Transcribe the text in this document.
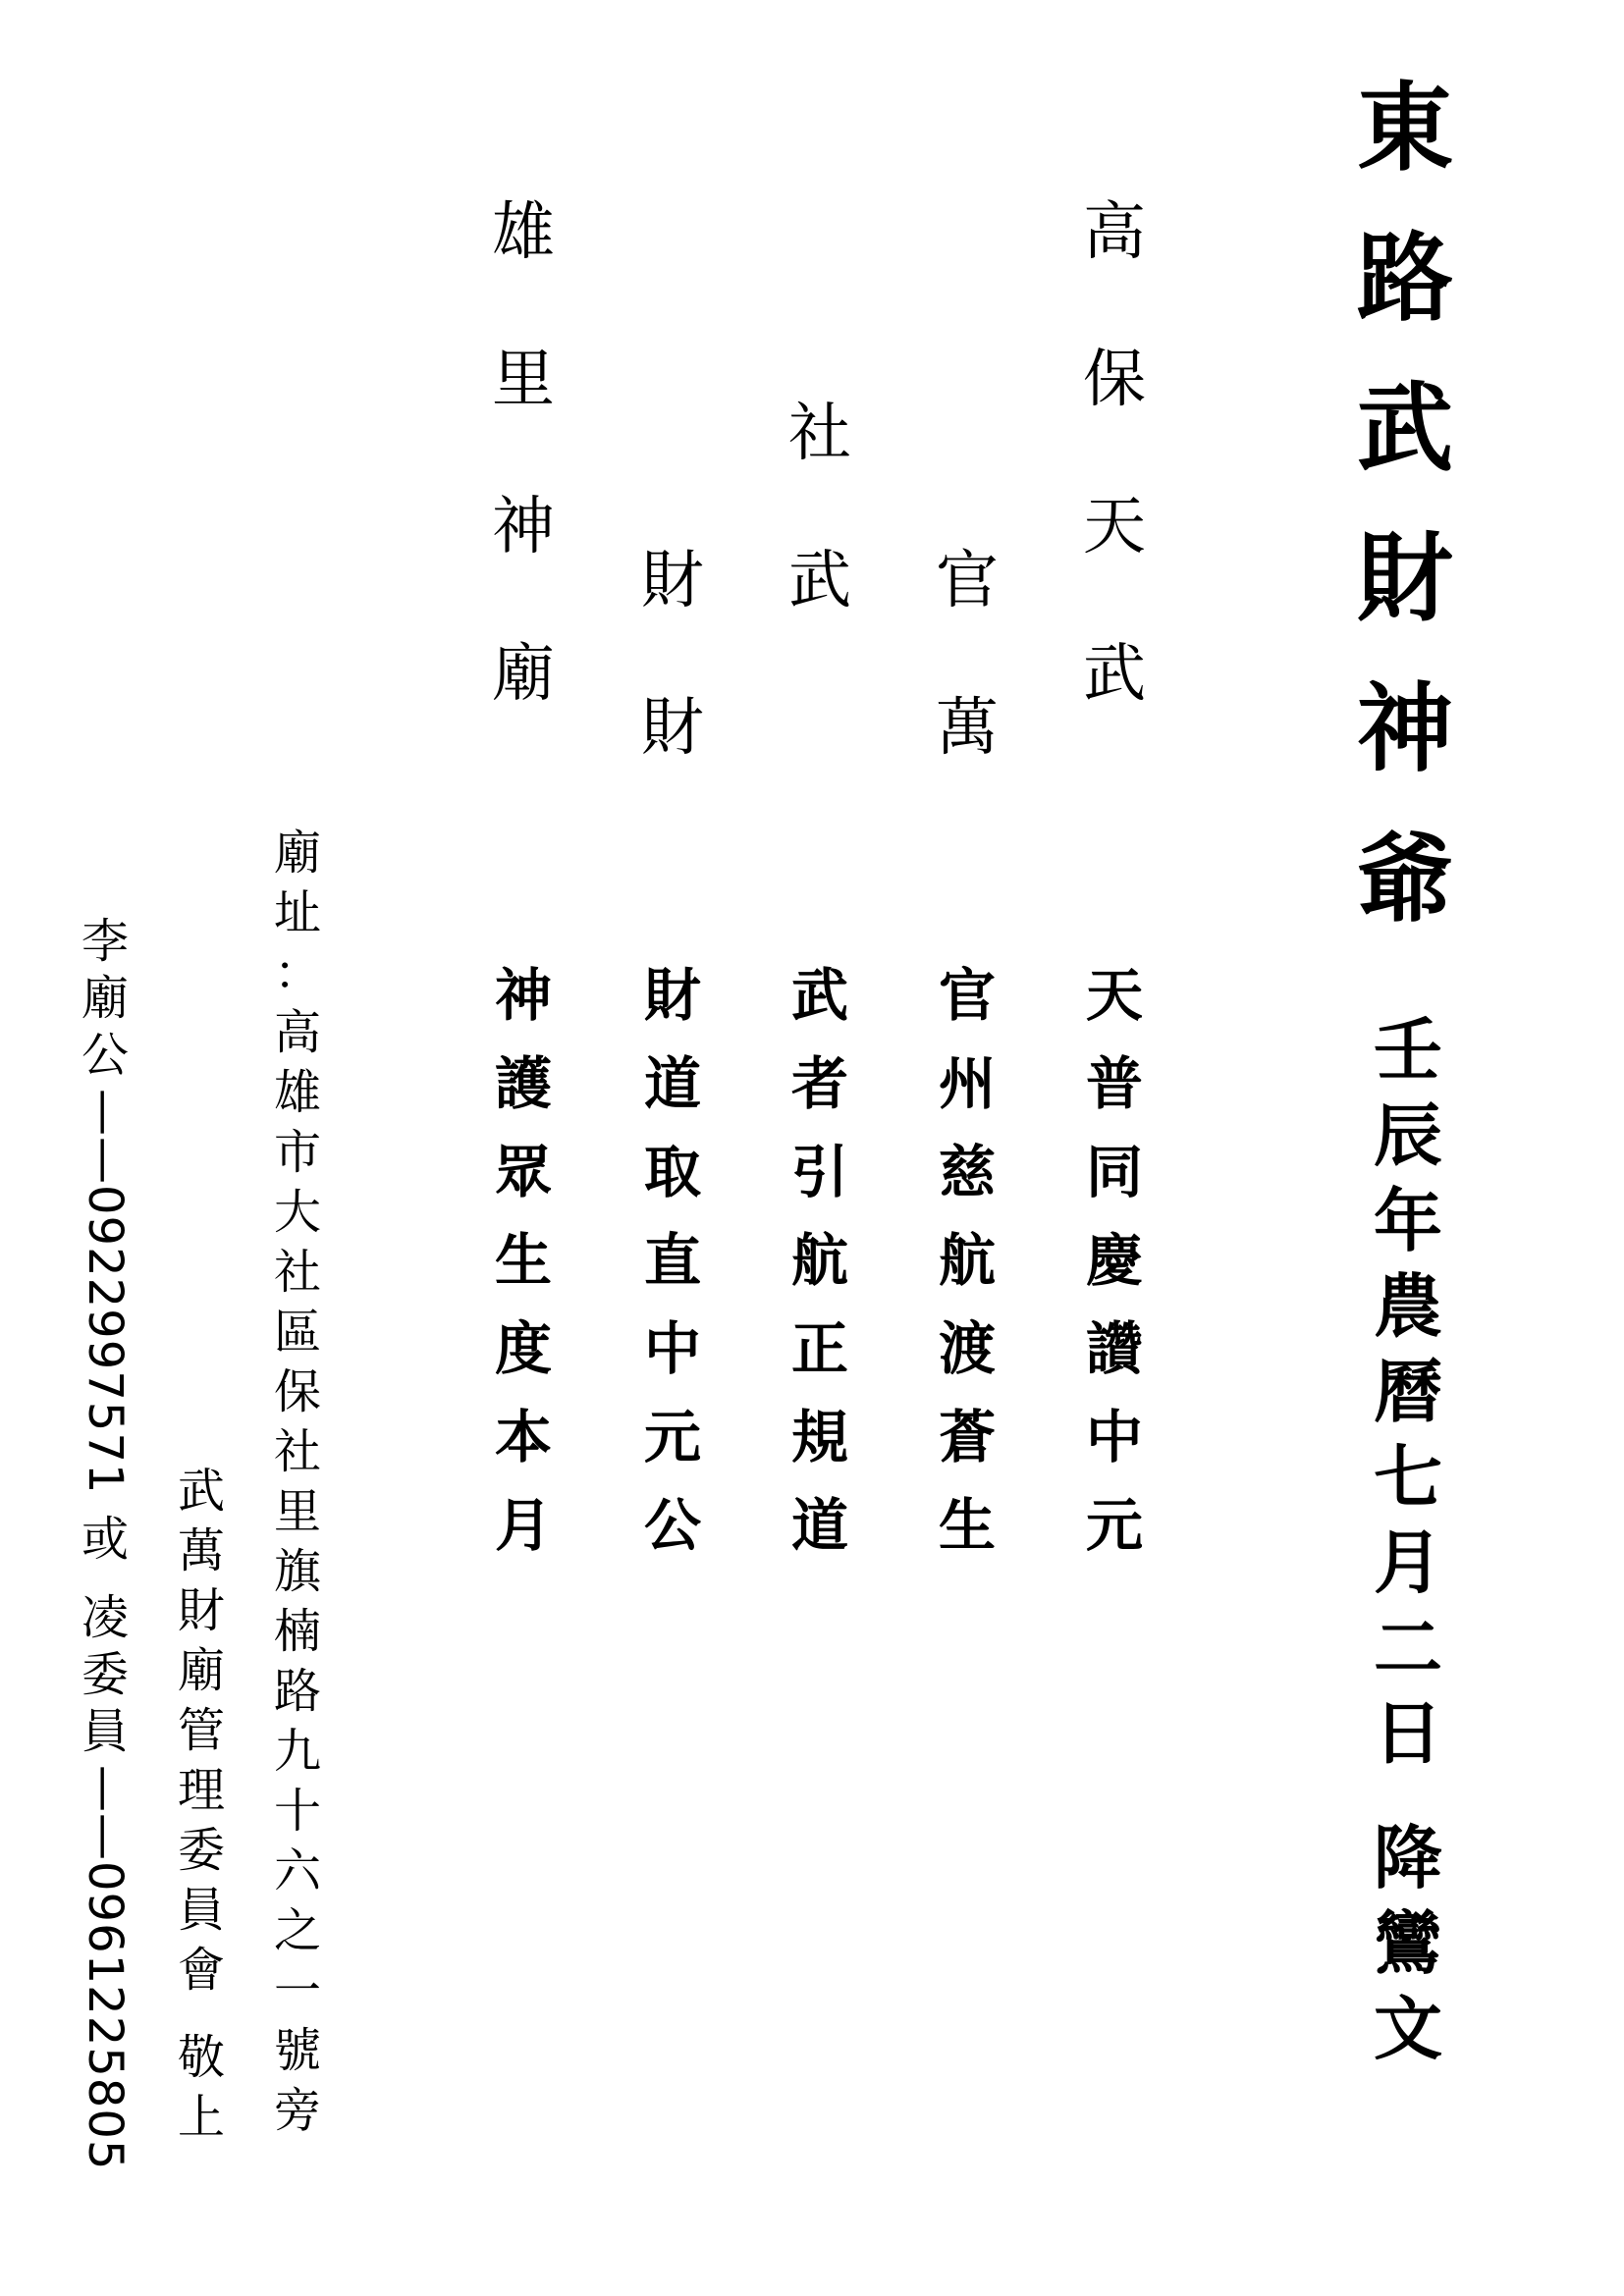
東
路
武
財
神
爺
壬
辰
年
農
曆
七
月
二
日
降
鸞
文
高
保
天
武
天
普
同
慶
讚
中
元
官
萬
官
州
慈
航
渡
蒼
生
社
武
武
者
引
航
正
規
道
財
財
財
道
取
直
中
元
公
雄
里
神
廟
神
護
眾
生
度
本
月
廟
址
：
高
雄
市
大
社
區
保
社
里
旗
楠
路
九
十
六
之
一
號
旁
武
萬
財
廟
管
理
委
員
會
敬
上
李
廟
公
——0922997571
或
凌
委
員
——0961225805
